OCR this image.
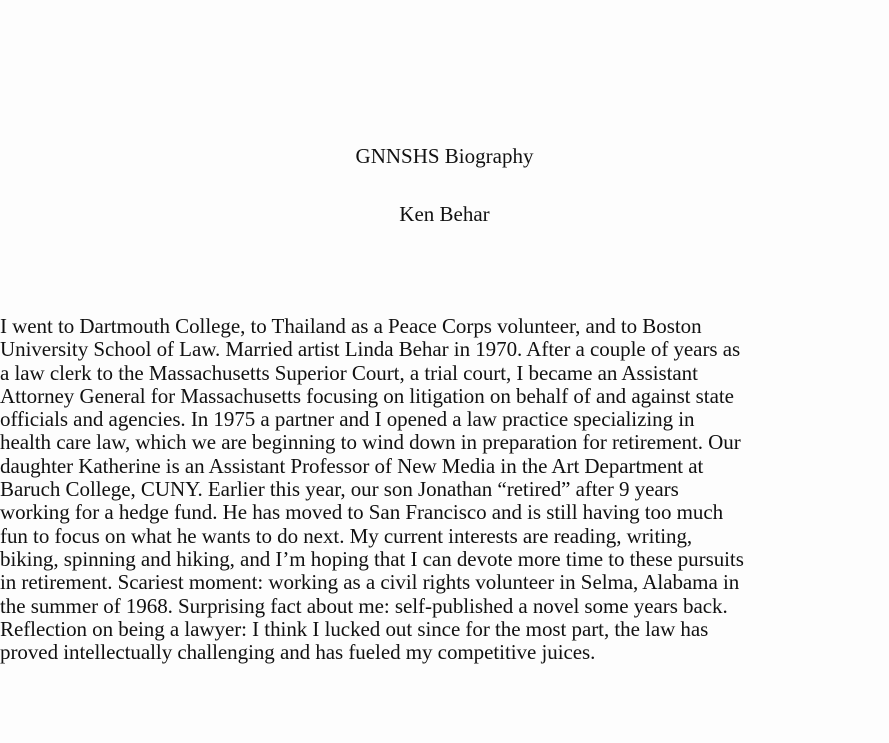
GNNSHS Biography

Ken Behar

I went to Dartmouth College, to Thailand as a Peace Corps volunteer, and to Boston
University School of Law. Married artist Linda Behar in 1970. After a couple of years as
a law clerk to the Massachusetts Superior Court, a trial court, I became an Assistant
Attorney General for Massachusetts focusing on litigation on behalf of and against state
officials and agencies. In 1975 a partner and I opened a law practice specializing in
health care law, which we are beginning to wind down in preparation for retirement. Our
daughter Katherine is an Assistant Professor of New Media in the Art Department at
Baruch College, CUNY. Earlier this year, our son Jonathan “retired” after 9 years
working for a hedge fund. He has moved to San Francisco and is still having too much
fun to focus on what he wants to do next. My current interests are reading, writing,
biking, spinning and hiking, and I’m hoping that I can devote more time to these pursuits
in retirement. Scariest moment: working as a civil rights volunteer in Selma, Alabama in
the summer of 1968. Surprising fact about me: self-published a novel some years back.
Reflection on being a lawyer: I think I lucked out since for the most part, the law has
proved intellectually challenging and has fueled my competitive juices.
